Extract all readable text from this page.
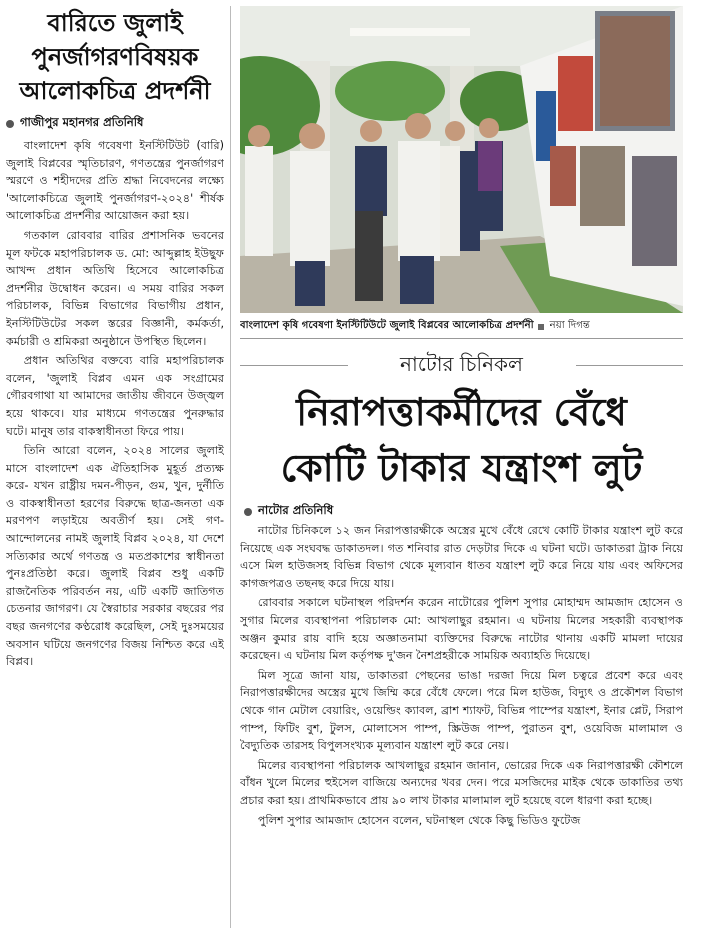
বারিতে জুলাই
পুনর্জাগরণবিষয়ক
আলোকচিত্র প্রদর্শনী
গাজীপুর মহানগর প্রতিনিধি

বাংলাদেশ কৃষি গবেষণা ইনস্টিটিউট (বারি) জুলাই বিপ্লবের স্মৃতিচারণ, গণতন্ত্রের পুনর্জাগরণ স্মরণে ও শহীদদের প্রতি শ্রদ্ধা নিবেদনের লক্ষ্যে 'আলোকচিত্রে জুলাই পুনর্জাগরণ-২০২৪' শীর্ষক আলোকচিত্র প্রদর্শনীর আয়োজন করা হয়।

গতকাল রোববার বারির প্রশাসনিক ভবনের মূল ফটকে মহাপরিচালক ড. মো: আব্দুল্লাহ ইউছুফ আখন্দ প্রধান অতিথি হিসেবে আলোকচিত্র প্রদর্শনীর উদ্বোধন করেন। এ সময় বারির সকল পরিচালক, বিভিন্ন বিভাগের বিভাগীয় প্রধান, ইনস্টিটিউটের সকল স্তরের বিজ্ঞানী, কর্মকর্তা, কর্মচারী ও শ্রমিকরা অনুষ্ঠানে উপস্থিত ছিলেন।

প্রধান অতিথির বক্তব্যে বারি মহাপরিচালক বলেন, 'জুলাই বিপ্লব এমন এক সংগ্রামের গৌরবগাথা যা আমাদের জাতীয় জীবনে উজ্জ্বল হয়ে থাকবে। যার মাধ্যমে গণতন্ত্রের পুনরুদ্ধার ঘটে। মানুষ তার বাকস্বাধীনতা ফিরে পায়।

তিনি আরো বলেন, ২০২৪ সালের জুলাই মাসে বাংলাদেশ এক ঐতিহাসিক মুহূর্ত প্রত্যক্ষ করে- যখন রাষ্ট্রীয় দমন-পীড়ন, গুম, খুন, দুর্নীতি ও বাকস্বাধীনতা হরণের বিরুদ্ধে ছাত্র-জনতা এক মরণপণ লড়াইয়ে অবতীর্ণ হয়। সেই গণ-আন্দোলনের নামই জুলাই বিপ্লব ২০২৪, যা দেশে সত্যিকার অর্থে গণতন্ত্র ও মতপ্রকাশের স্বাধীনতা পুনঃপ্রতিষ্ঠা করে। জুলাই বিপ্লব শুধু একটি রাজনৈতিক পরিবর্তন নয়, এটি একটি জাতিগত চেতনার জাগরণ। যে স্বৈরাচার সরকার বছরের পর বছর জনগণের কণ্ঠরোধ করেছিল, সেই দুঃসময়ের অবসান ঘটিয়ে জনগণের বিজয় নিশ্চিত করে এই বিপ্লব।

বাংলাদেশ কৃষি গবেষণা ইনস্টিটিউটে জুলাই বিপ্লবের আলোকচিত্র প্রদর্শনী নয়া দিগন্ত
নাটোর চিনিকল
নিরাপত্তাকর্মীদের বেঁধে
কোটি টাকার যন্ত্রাংশ লুট
নাটোর প্রতিনিধি

নাটোর চিনিকলে ১২ জন নিরাপত্তারক্ষীকে অস্ত্রের মুখে বেঁধে রেখে কোটি টাকার যন্ত্রাংশ লুট করে নিয়েছে এক সংঘবদ্ধ ডাকাতদল। গত শনিবার রাত দেড়টার দিকে এ ঘটনা ঘটে। ডাকাতরা ট্রাক নিয়ে এসে মিল হাউজসহ বিভিন্ন বিভাগ থেকে মূল্যবান ধাতব যন্ত্রাংশ লুট করে নিয়ে যায় এবং অফিসের কাগজপত্রও তছনছ করে দিয়ে যায়।

রোববার সকালে ঘটনাস্থল পরিদর্শন করেন নাটোরের পুলিশ সুপার মোহাম্মদ আমজাদ হোসেন ও সুগার মিলের ব্যবস্থাপনা পরিচালক মো: আখলাছুর রহমান। এ ঘটনায় মিলের সহকারী ব্যবস্থাপক অঞ্জন কুমার রায় বাদি হয়ে অজ্ঞাতনামা ব্যক্তিদের বিরুদ্ধে নাটোর থানায় একটি মামলা দায়ের করেছেন। এ ঘটনায় মিল কর্তৃপক্ষ দু'জন নৈশপ্রহরীকে সাময়িক অব্যাহতি দিয়েছে।

মিল সূত্রে জানা যায়, ডাকাতরা পেছনের ভাঙা দরজা দিয়ে মিল চত্বরে প্রবেশ করে এবং নিরাপত্তারক্ষীদের অস্ত্রের মুখে জিম্মি করে বেঁধে ফেলে। পরে মিল হাউজ, বিদ্যুৎ ও প্রকৌশল বিভাগ থেকে গান মেটাল বেয়ারিং, ওয়েল্ডিং ক্যাবল, ব্রাশ শ্যাফট, বিভিন্ন পাম্পের যন্ত্রাংশ, ইনার প্লেট, সিরাপ পাম্প, ফিটিং বুশ, টুলস, মোলাসেস পাম্প, স্ক্রিউজ পাম্প, পুরাতন বুশ, ওয়েবিজ মালামাল ও বৈদ্যুতিক তারসহ বিপুলসংখ্যক মূল্যবান যন্ত্রাংশ লুট করে নেয়।

মিলের ব্যবস্থাপনা পরিচালক আখলাছুর রহমান জানান, ভোরের দিকে এক নিরাপত্তারক্ষী কৌশলে বাঁধন খুলে মিলের হুইসেল বাজিয়ে অন্যদের খবর দেন। পরে মসজিদের মাইক থেকে ডাকাতির তথ্য প্রচার করা হয়। প্রাথমিকভাবে প্রায় ৯০ লাখ টাকার মালামাল লুট হয়েছে বলে ধারণা করা হচ্ছে।

পুলিশ সুপার আমজাদ হোসেন বলেন, ঘটনাস্থল থেকে কিছু ভিডিও ফুটেজ
